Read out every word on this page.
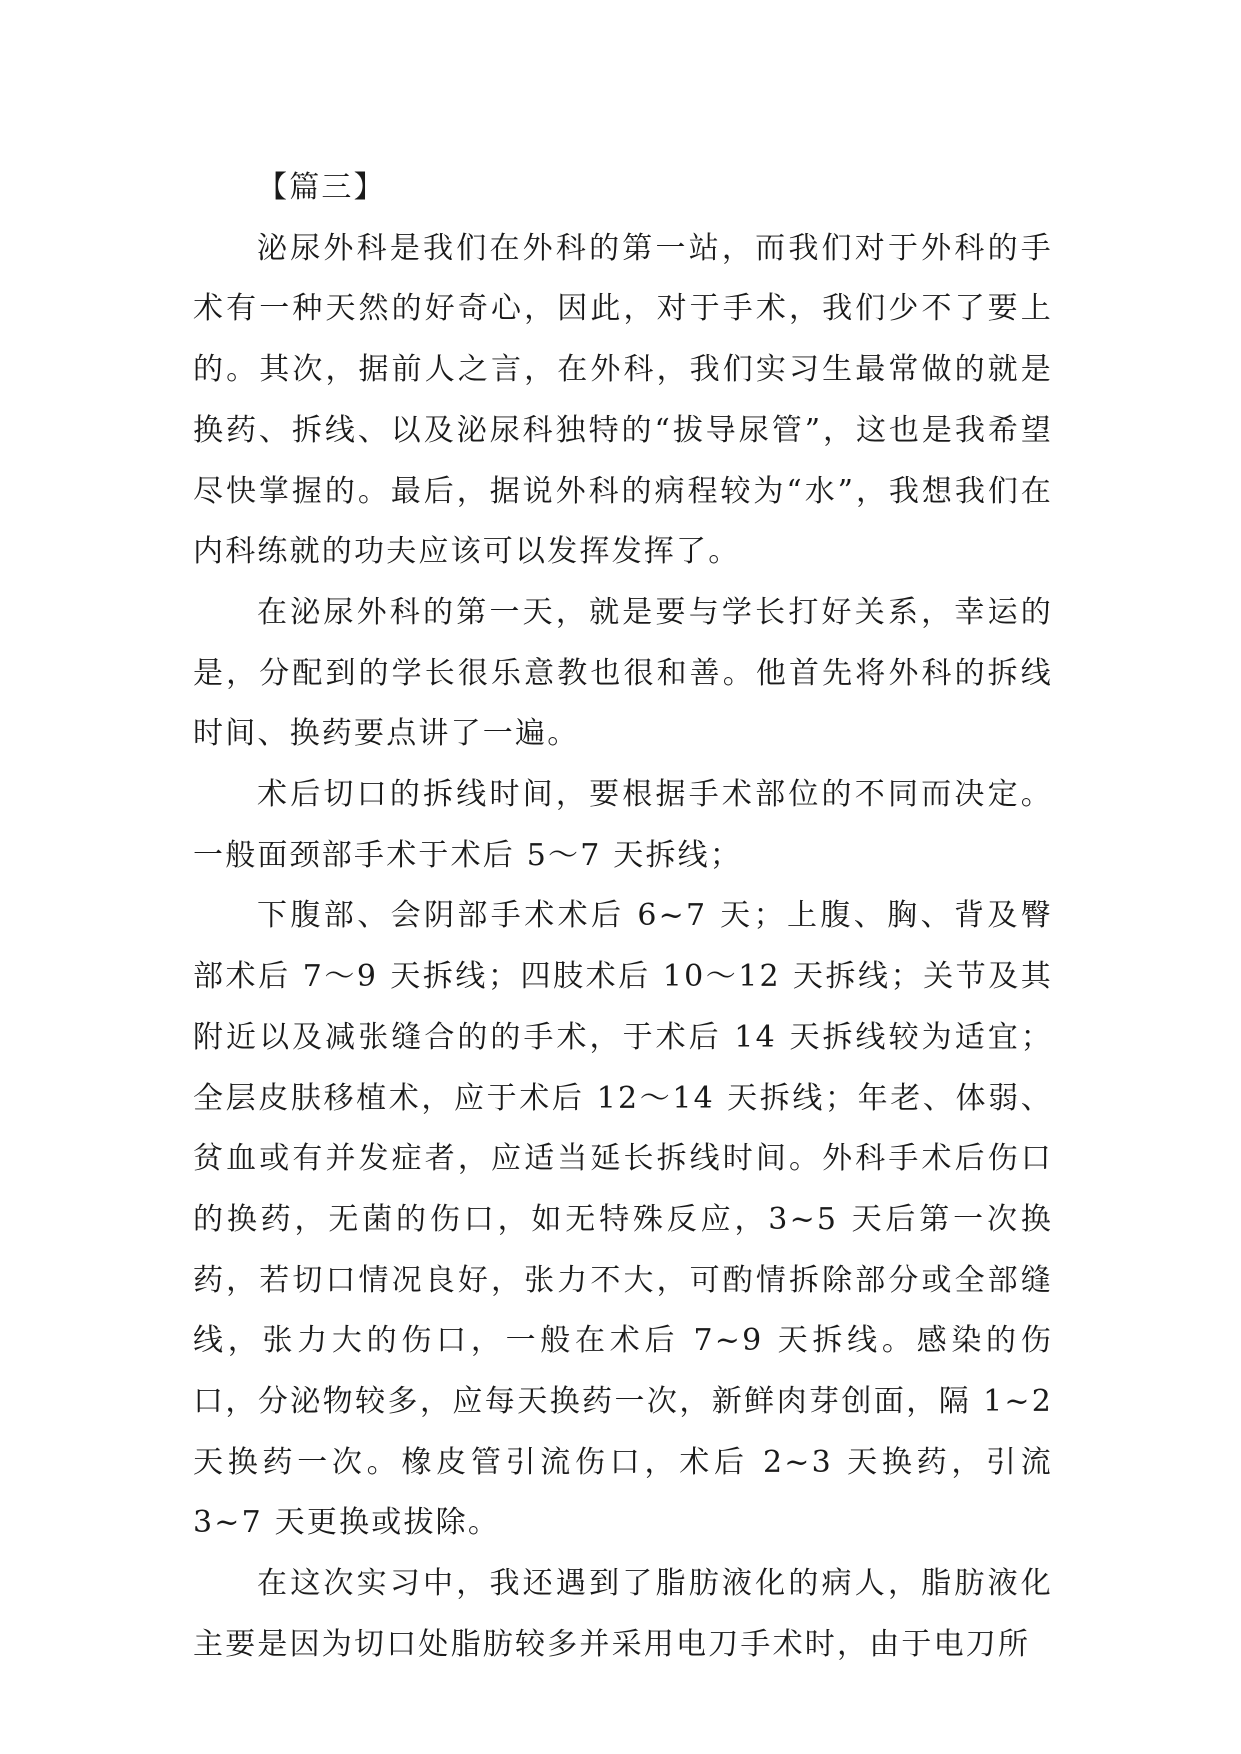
【篇三】

泌尿外科是我们在外科的第一站，而我们对于外科的手术有一种天然的好奇心，因此，对于手术，我们少不了要上的。其次，据前人之言，在外科，我们实习生最常做的就是换药、拆线、以及泌尿科独特的“拔导尿管”，这也是我希望尽快掌握的。最后，据说外科的病程较为“水”，我想我们在内科练就的功夫应该可以发挥发挥了。

在泌尿外科的第一天，就是要与学长打好关系，幸运的是，分配到的学长很乐意教也很和善。他首先将外科的拆线时间、换药要点讲了一遍。

术后切口的拆线时间，要根据手术部位的不同而决定。一般面颈部手术于术后 5～7 天拆线；

下腹部、会阴部手术术后 6~7 天；上腹、胸、背及臀部术后 7～9 天拆线；四肢术后 10～12 天拆线；关节及其附近以及减张缝合的的手术，于术后 14 天拆线较为适宜；全层皮肤移植术，应于术后 12～14 天拆线；年老、体弱、贫血或有并发症者，应适当延长拆线时间。外科手术后伤口的换药，无菌的伤口，如无特殊反应，3~5 天后第一次换药，若切口情况良好，张力不大，可酌情拆除部分或全部缝线，张力大的伤口，一般在术后 7~9 天拆线。感染的伤口，分泌物较多，应每天换药一次，新鲜肉芽创面，隔 1~2 天换药一次。橡皮管引流伤口，术后 2~3 天换药，引流 3~7 天更换或拔除。

在这次实习中，我还遇到了脂肪液化的病人，脂肪液化主要是因为切口处脂肪较多并采用电刀手术时，由于电刀所
